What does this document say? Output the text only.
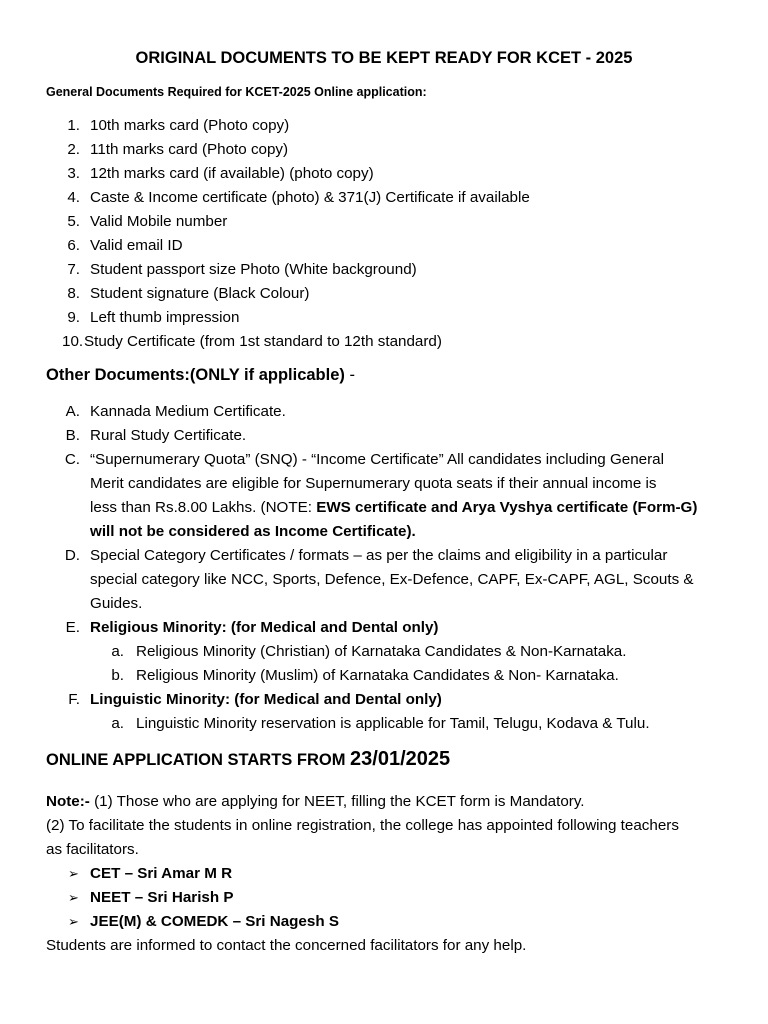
ORIGINAL DOCUMENTS TO BE KEPT READY FOR KCET - 2025
General Documents Required for KCET-2025 Online application:
1. 10th marks card (Photo copy)
2. 11th marks card (Photo copy)
3. 12th marks card (if available) (photo copy)
4. Caste & Income certificate (photo) & 371(J) Certificate if available
5. Valid Mobile number
6. Valid email ID
7. Student passport size Photo (White background)
8. Student signature (Black Colour)
9. Left thumb impression
10. Study Certificate (from 1st standard to 12th standard)
Other Documents:(ONLY if applicable) -
A. Kannada Medium Certificate.
B. Rural Study Certificate.
C. “Supernumerary Quota” (SNQ) - “Income Certificate” All candidates including General
Merit candidates are eligible for Supernumerary quota seats if their annual income is
less than Rs.8.00 Lakhs. (NOTE: EWS certificate and Arya Vyshya certificate (Form-G)
will not be considered as Income Certificate).
D. Special Category Certificates / formats – as per the claims and eligibility in a particular
special category like NCC, Sports, Defence, Ex-Defence, CAPF, Ex-CAPF, AGL, Scouts &
Guides.
E. Religious Minority: (for Medical and Dental only)
a. Religious Minority (Christian) of Karnataka Candidates & Non-Karnataka.
b. Religious Minority (Muslim) of Karnataka Candidates & Non- Karnataka.
F. Linguistic Minority: (for Medical and Dental only)
a. Linguistic Minority reservation is applicable for Tamil, Telugu, Kodava & Tulu.
ONLINE APPLICATION STARTS FROM 23/01/2025
Note:- (1) Those who are applying for NEET, filling the KCET form is Mandatory.
(2) To facilitate the students in online registration, the college has appointed following teachers
as facilitators.
➢ CET – Sri Amar M R
➢ NEET – Sri Harish P
➢ JEE(M) & COMEDK – Sri Nagesh S
Students are informed to contact the concerned facilitators for any help.
